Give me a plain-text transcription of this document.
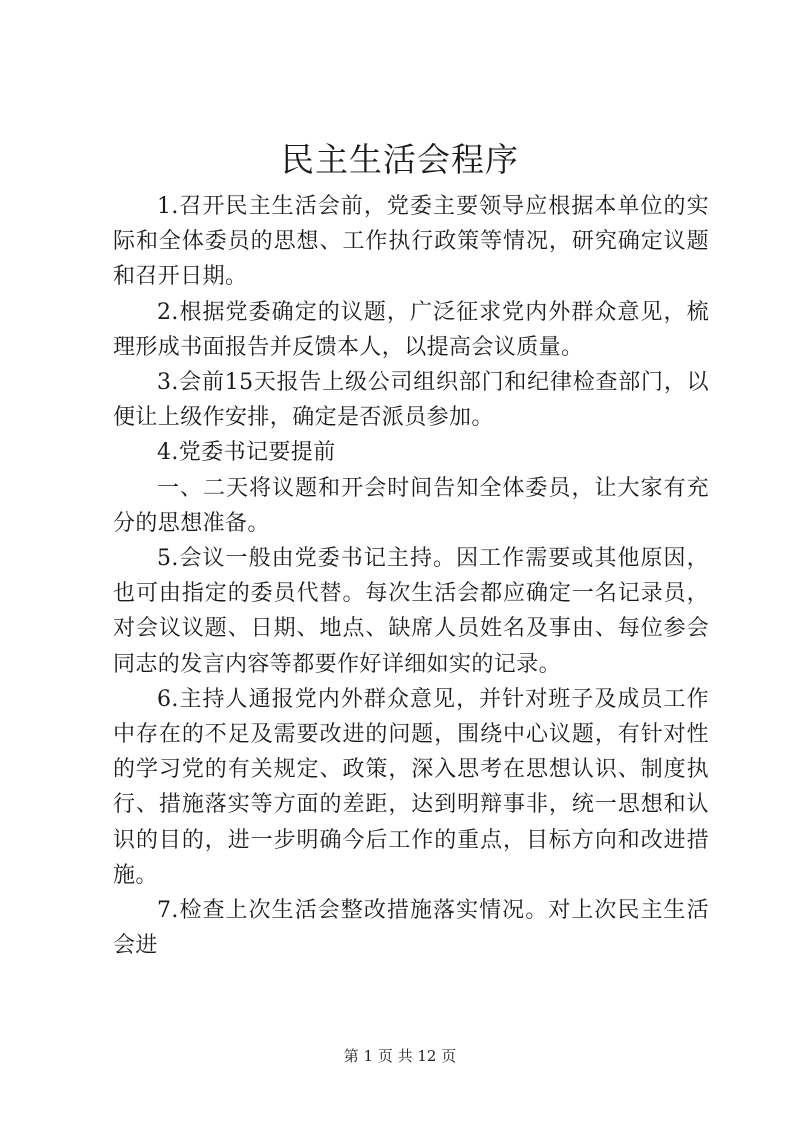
民主生活会程序

1.召开民主生活会前，党委主要领导应根据本单位的实际和全体委员的思想、工作执行政策等情况，研究确定议题和召开日期。

2.根据党委确定的议题，广泛征求党内外群众意见，梳理形成书面报告并反馈本人，以提高会议质量。

3.会前15天报告上级公司组织部门和纪律检查部门，以便让上级作安排，确定是否派员参加。

4.党委书记要提前

一、二天将议题和开会时间告知全体委员，让大家有充分的思想准备。

5.会议一般由党委书记主持。因工作需要或其他原因，也可由指定的委员代替。每次生活会都应确定一名记录员，对会议议题、日期、地点、缺席人员姓名及事由、每位参会同志的发言内容等都要作好详细如实的记录。

6.主持人通报党内外群众意见，并针对班子及成员工作中存在的不足及需要改进的问题，围绕中心议题，有针对性的学习党的有关规定、政策，深入思考在思想认识、制度执行、措施落实等方面的差距，达到明辩事非，统一思想和认识的目的，进一步明确今后工作的重点，目标方向和改进措施。

7.检查上次生活会整改措施落实情况。对上次民主生活会进

第 1 页 共 12 页
